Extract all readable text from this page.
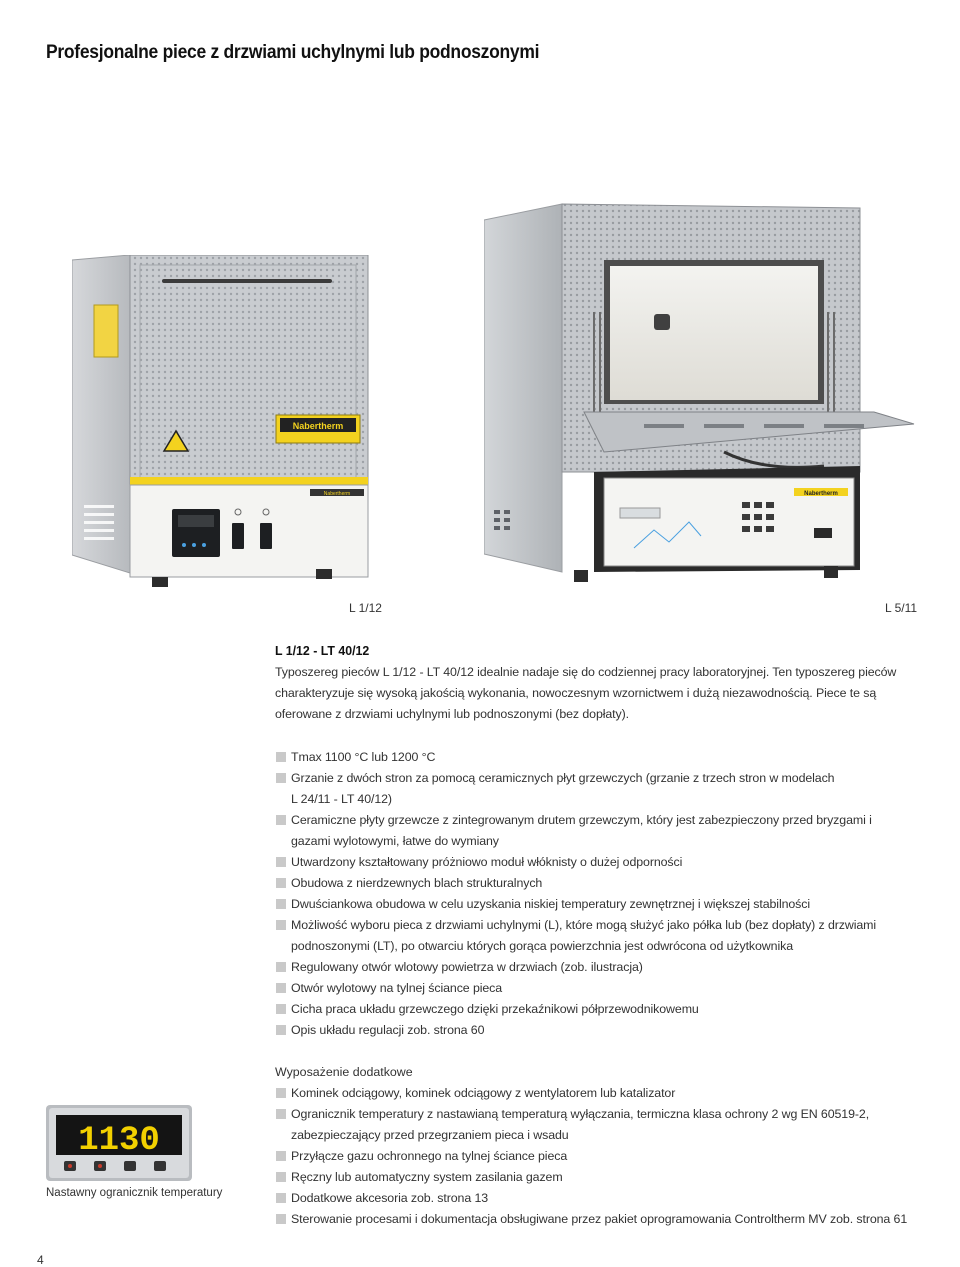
Profesjonalne piece z drzwiami uchylnymi lub podnoszonymi
Nabertherm
Nabertherm	Nabertherm
L 1/12	L 5/11
L 1/12 - LT 40/12

Typoszereg pieców L 1/12 - LT 40/12 idealnie nadaje się do codziennej pracy laboratoryjnej. Ten typoszereg pieców
charakteryzuje się wysoką jakością wykonania, nowoczesnym wzornictwem i dużą niezawodnością. Piece te są
oferowane z drzwiami uchylnymi lub podnoszonymi (bez dopłaty).

Tmax 1100 °C lub 1200 °C
Grzanie z dwóch stron za pomocą ceramicznych płyt grzewczych (grzanie z trzech stron w modelach
L 24/11 - LT 40/12)
Ceramiczne płyty grzewcze z zintegrowanym drutem grzewczym, który jest zabezpieczony przed bryzgami i
gazami wylotowymi, łatwe do wymiany
Utwardzony kształtowany próżniowo moduł włóknisty o dużej odporności
Obudowa z nierdzewnych blach strukturalnych
Dwuściankowa obudowa w celu uzyskania niskiej temperatury zewnętrznej i większej stabilności
Możliwość wyboru pieca z drzwiami uchylnymi (L), które mogą służyć jako półka lub (bez dopłaty) z drzwiami
podnoszonymi (LT), po otwarciu których gorąca powierzchnia jest odwrócona od użytkownika
Regulowany otwór wlotowy powietrza w drzwiach (zob. ilustracja)
Otwór wylotowy na tylnej ściance pieca
Cicha praca układu grzewczego dzięki przekaźnikowi półprzewodnikowemu
Opis układu regulacji zob. strona 60
1130
Nastawny ogranicznik temperatury
Wyposażenie dodatkowe
Kominek odciągowy, kominek odciągowy z wentylatorem lub katalizator
Ogranicznik temperatury z nastawianą temperaturą wyłączania, termiczna klasa ochrony 2 wg EN 60519-2,
zabezpieczający przed przegrzaniem pieca i wsadu
Przyłącze gazu ochronnego na tylnej ściance pieca
Ręczny lub automatyczny system zasilania gazem
Dodatkowe akcesoria zob. strona 13
Sterowanie procesami i dokumentacja obsługiwane przez pakiet oprogramowania Controltherm MV zob. strona 61
4
